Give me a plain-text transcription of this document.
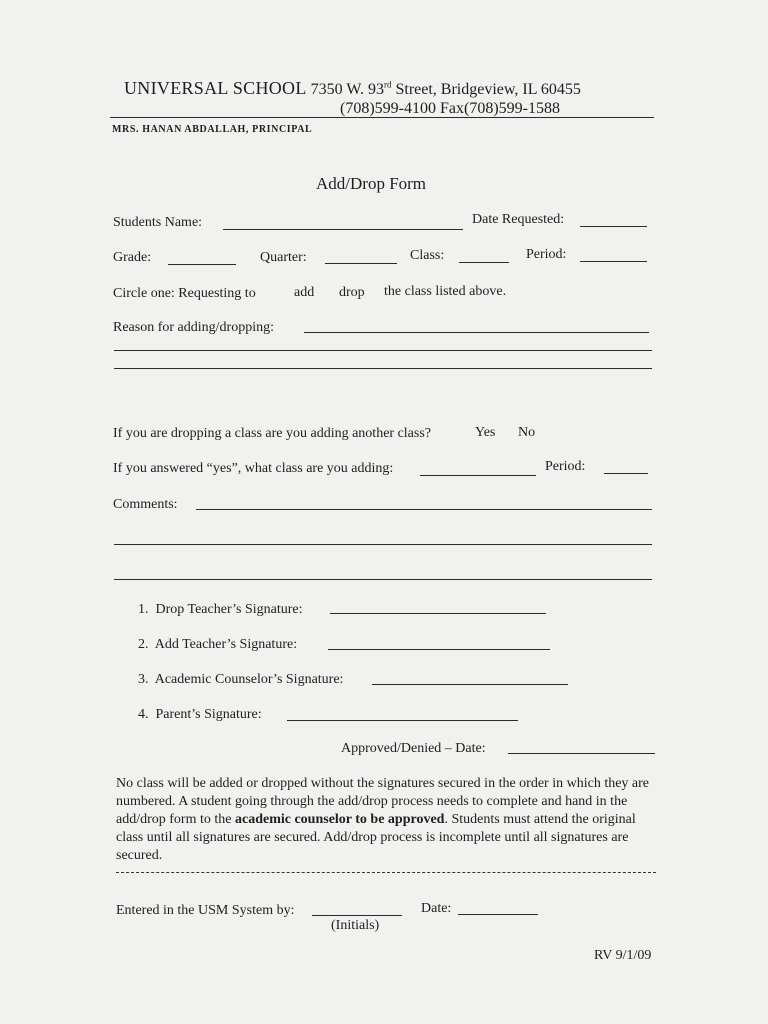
UNIVERSAL SCHOOL 7350 W. 93rd Street, Bridgeview, IL 60455
(708)599-4100 Fax(708)599-1588
MRS. HANAN ABDALLAH, PRINCIPAL
Add/Drop Form
Students Name:	Date Requested:
Grade:	Quarter:	Class:	Period:
Circle one: Requesting to	add drop the class listed above.
Reason for adding/dropping:
If you are dropping a class are you adding another class?	Yes No
If you answered “yes”, what class are you adding:	Period:
Comments:
1. Drop Teacher’s Signature:
2. Add Teacher’s Signature:
3. Academic Counselor’s Signature:
4. Parent’s Signature:
Approved/Denied – Date:
No class will be added or dropped without the signatures secured in the order in which they are numbered. A student going through the add/drop process needs to complete and hand in the add/drop form to the academic counselor to be approved. Students must attend the original class until all signatures are secured. Add/drop process is incomplete until all signatures are secured.
Entered in the USM System by:
(Initials)
Date:
RV 9/1/09
